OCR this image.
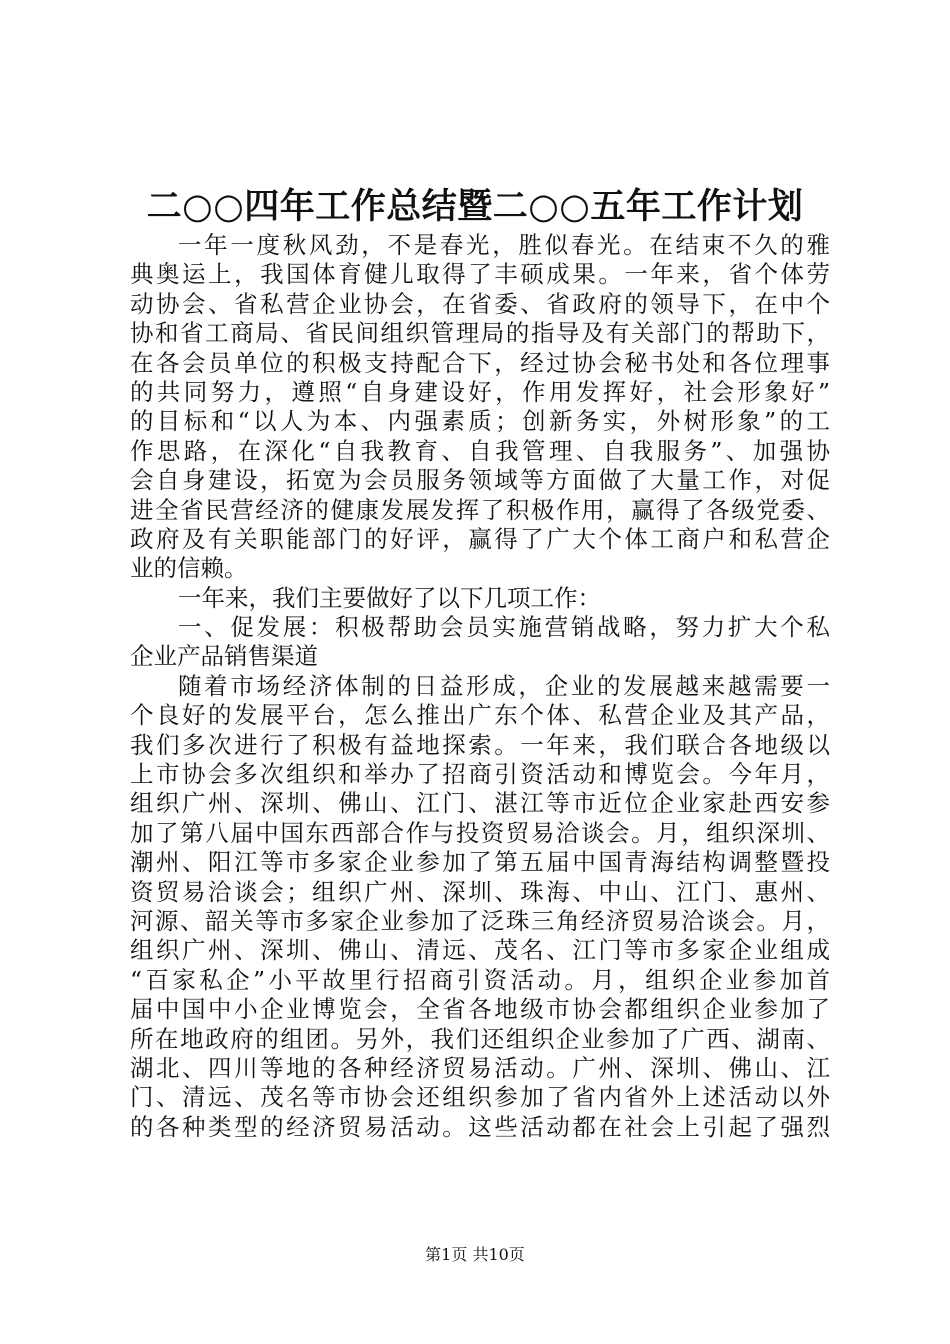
二○○四年工作总结暨二○○五年工作计划
一年一度秋风劲，不是春光，胜似春光。在结束不久的雅
典奥运上，我国体育健儿取得了丰硕成果。一年来，省个体劳
动协会、省私营企业协会，在省委、省政府的领导下，在中个
协和省工商局、省民间组织管理局的指导及有关部门的帮助下，
在各会员单位的积极支持配合下，经过协会秘书处和各位理事
的共同努力，遵照“自身建设好，作用发挥好，社会形象好”
的目标和“以人为本、内强素质；创新务实，外树形象”的工
作思路，在深化“自我教育、自我管理、自我服务”、加强协
会自身建设，拓宽为会员服务领域等方面做了大量工作，对促
进全省民营经济的健康发展发挥了积极作用，赢得了各级党委、
政府及有关职能部门的好评，赢得了广大个体工商户和私营企
业的信赖。
一年来，我们主要做好了以下几项工作：
一、促发展：积极帮助会员实施营销战略，努力扩大个私
企业产品销售渠道
随着市场经济体制的日益形成，企业的发展越来越需要一
个良好的发展平台，怎么推出广东个体、私营企业及其产品，
我们多次进行了积极有益地探索。一年来，我们联合各地级以
上市协会多次组织和举办了招商引资活动和博览会。今年月，
组织广州、深圳、佛山、江门、湛江等市近位企业家赴西安参
加了第八届中国东西部合作与投资贸易洽谈会。月，组织深圳、
潮州、阳江等市多家企业参加了第五届中国青海结构调整暨投
资贸易洽谈会；组织广州、深圳、珠海、中山、江门、惠州、
河源、韶关等市多家企业参加了泛珠三角经济贸易洽谈会。月，
组织广州、深圳、佛山、清远、茂名、江门等市多家企业组成
“百家私企”小平故里行招商引资活动。月，组织企业参加首
届中国中小企业博览会，全省各地级市协会都组织企业参加了
所在地政府的组团。另外，我们还组织企业参加了广西、湖南、
湖北、四川等地的各种经济贸易活动。广州、深圳、佛山、江
门、清远、茂名等市协会还组织参加了省内省外上述活动以外
的各种类型的经济贸易活动。这些活动都在社会上引起了强烈
第1页 共10页
